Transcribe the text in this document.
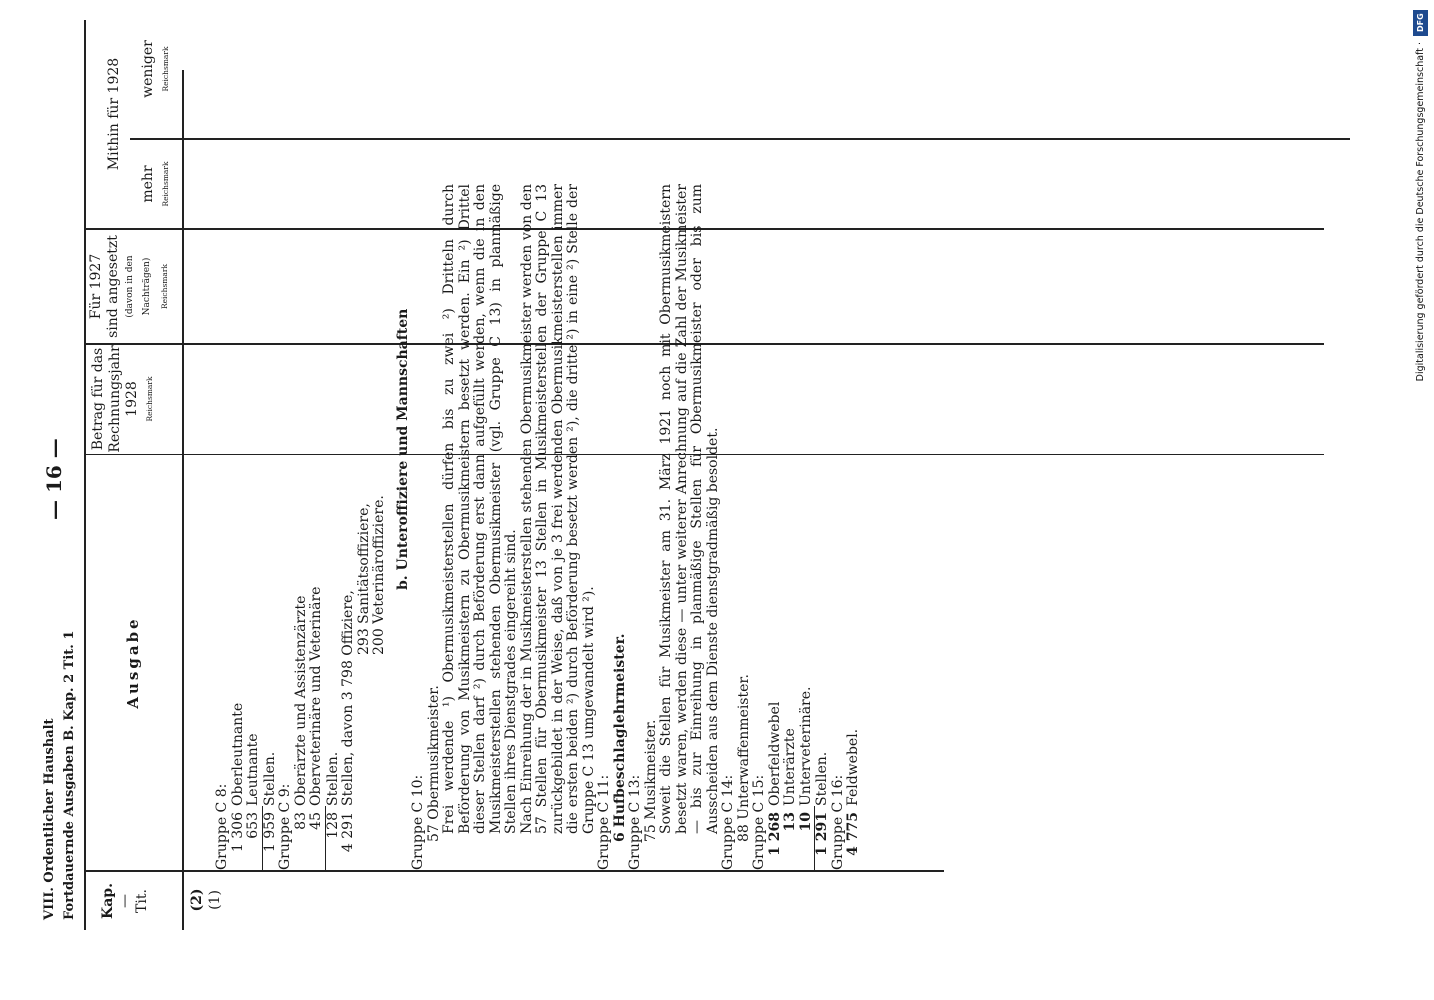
DFG
Digitalisierung gefördert durch die Deutsche Forschungsgemeinschaft ·
VIII. Ordentlicher Haushalt Fortdauernde Ausgaben B. Kap. 2 Tit. 1
— 16 —
Kap. — Tit.
Ausgabe
Betrag für das Rechnungsjahr 1928 Reichsmark
Für 1927 sind angesetzt (davon in den Nachträgen)	Reichsmark
Mithin für 1928
mehr Reichsmark
weniger Reichsmark
(2) (1)
Gruppe C 8: 1 306Oberleutnante
653Leutnante
1 959Stellen.
Gruppe C 9: 83Oberärzte und Assistenzärzte
45Oberveterinäre und Veterinäre
128Stellen.
4 291Stellen, davon 3 798 Offiziere,
293 Sanitätsoffiziere, 200 Veterinäroffiziere. b. Unteroffiziere und Mannschaften
Gruppe C 10: 57 Obermusikmeister. Frei werdende ¹) Obermusikmeisterstellen dürfen bis zu zwei ²) Dritteln durch Beförderung von Musikmeistern zu Obermusikmeistern besetzt werden. Ein ²) Drittel dieser Stellen darf ²) durch Beförderung erst dann aufgefüllt werden, wenn die in den Musikmeisterstellen stehenden Obermusikmeister (vgl. Gruppe C 13) in planmäßige Stellen ihres Dienstgrades eingereiht sind. Nach Einreihung der in Musikmeisterstellen stehenden Obermusikmeister werden von den 57 Stellen für Obermusikmeister 13 Stellen in Musikmeisterstellen der Gruppe C 13 zurückgebildet in der Weise, daß von je 3 frei werdenden Obermusikmeisterstellen immer die ersten beiden ²) durch Beförderung besetzt werden ²), die dritte ²) in eine ²) Stelle der Gruppe C 13 umgewandelt wird ²). Gruppe C 11: 6 Hufbeschlaglehrmeister. Gruppe C 13: 75 Musikmeister. Soweit die Stellen für Musikmeister am 31. März 1921 noch mit Obermusikmeistern besetzt waren, werden diese — unter weiterer Anrechnung auf die Zahl der Musikmeister — bis zur Einreihung in planmäßige Stellen für Obermusikmeister oder bis zum Ausscheiden aus dem Dienste dienstgradmäßig besoldet. Gruppe C 14: 88 Unterwaffenmeister. Gruppe C 15: 1 268Oberfeldwebel
13Unterärzte
10Unterveterinäre.
1 291Stellen. Gruppe C 16: 4 775Feldwebel.
